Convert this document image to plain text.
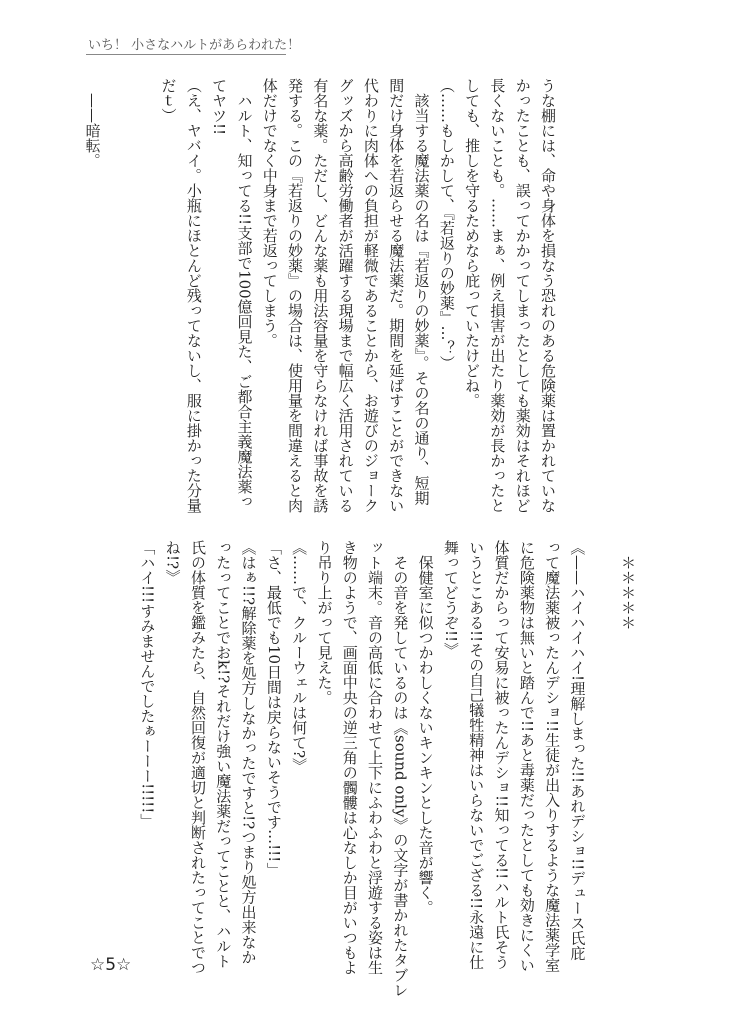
いち！ 小さなハルトがあらわれた！
うな棚には、命や身体を損なう恐れのある危険薬は置かれていな
かったことも、誤ってかかってしまったとしても薬効はそれほど
長くないことも。……まぁ、例え損害が出たり薬効が長かったと
しても、推しを守るためなら庇っていたけどね。
（……もしかして、『若返りの妙薬』…？）
　該当する魔法薬の名は『若返りの妙薬』。その名の通り、短期
間だけ身体を若返らせる魔法薬だ。期間を延ばすことができない
代わりに肉体への負担が軽微であることから、お遊びのジョーク
グッズから高齢労働者が活躍する現場まで幅広く活用されている
有名な薬。ただし、どんな薬も用法容量を守らなければ事故を誘
発する。この『若返りの妙薬』の場合は、使用量を間違えると肉
体だけでなく中身まで若返ってしまう。
　ハルト、知ってる!!支部で100億回見た、ご都合主義魔法薬っ
てヤツ!!
（え、ヤバイ。小瓶にほとんど残ってないし、服に掛かった分量
だｔ）
　——暗転。
　＊＊＊＊＊
《——ハイハイハイ!理解しまった!!あれデショ!!デュース氏庇
って魔法薬被ったんデショ!!生徒が出入りするような魔法薬学室
に危険薬物は無いと踏んで!!あと毒薬だったとしても効きにくい
体質だからって安易に被ったんデショ!!知ってる!!ハルト氏そう
いうとこある!!その自己犠牲精神はいらないでござる!!永遠に仕
舞ってどうぞ!!》
　保健室に似つかわしくないキンキンとした音が響く。
　その音を発しているのは《sound only》の文字が書かれたタブレ
ット端末。音の高低に合わせて上下にふわふわと浮遊する姿は生
き物のようで、画面中央の逆三角の髑髏は心なしか目がいつもよ
り吊り上がって見えた。
《……で、クルーウェルは何て?》
「さ、最低でも10日間は戻らないそうです…!!!」
《はぁ!!?解除薬を処方しなかったですと!?つまり処方出来なか
ったってことでおk!?それだけ強い魔法薬だってことと、ハルト
氏の体質を鑑みたら、自然回復が適切と判断されたってことでつ
ね!?》
「ハイ!!!すみませんでしたぁーーー!!!!!」
☆5☆
